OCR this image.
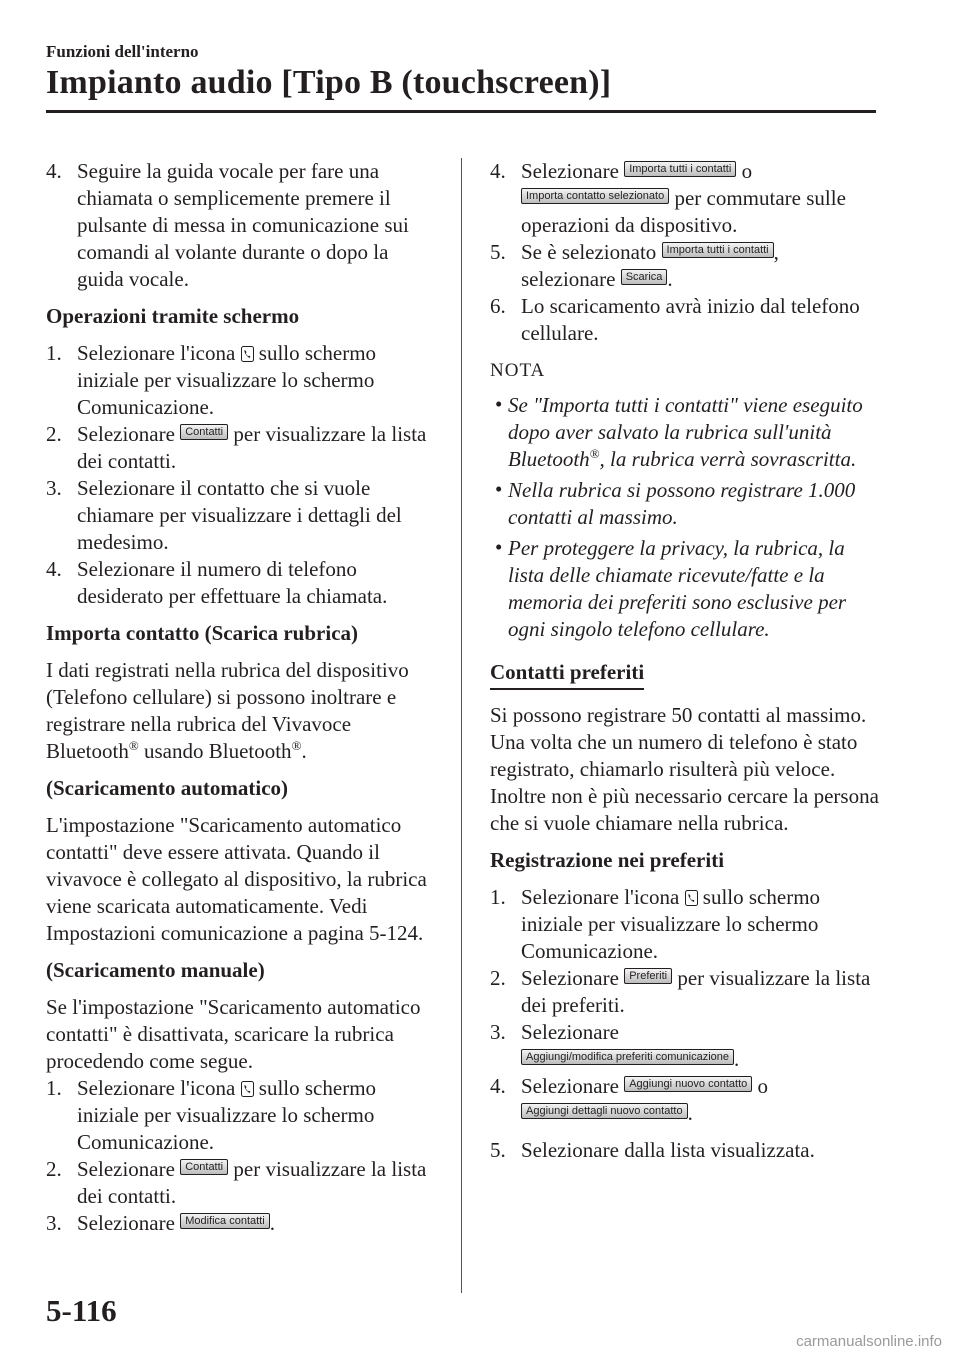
Funzioni dell'interno
Impianto audio [Tipo B (touchscreen)]
4. Seguire la guida vocale per fare una chiamata o semplicemente premere il pulsante di messa in comunicazione sui comandi al volante durante o dopo la guida vocale.
Operazioni tramite schermo
1. Selezionare l'icona sullo schermo iniziale per visualizzare lo schermo Comunicazione.
2. Selezionare Contatti per visualizzare la lista dei contatti.
3. Selezionare il contatto che si vuole chiamare per visualizzare i dettagli del medesimo.
4. Selezionare il numero di telefono desiderato per effettuare la chiamata.
Importa contatto (Scarica rubrica)

I dati registrati nella rubrica del dispositivo (Telefono cellulare) si possono inoltrare e registrare nella rubrica del Vivavoce Bluetooth® usando Bluetooth®.

(Scaricamento automatico)

L'impostazione "Scaricamento automatico contatti" deve essere attivata. Quando il vivavoce è collegato al dispositivo, la rubrica viene scaricata automaticamente. Vedi Impostazioni comunicazione a pagina 5-124.

(Scaricamento manuale)

Se l'impostazione "Scaricamento automatico contatti" è disattivata, scaricare la rubrica procedendo come segue.

1. Selezionare l'icona sullo schermo iniziale per visualizzare lo schermo Comunicazione.
2. Selezionare Contatti per visualizzare la lista dei contatti.
3. Selezionare Modifica contatti .
4. Selezionare Importa tutti i contatti o
Importa contatto selezionato per commutare sulle operazioni da dispositivo.
5. Se è selezionato Importa tutti i contatti ,
selezionare Scarica .
6. Lo scaricamento avrà inizio dal telefono cellulare.
NOTA
• Se "Importa tutti i contatti" viene eseguito dopo aver salvato la rubrica sull'unità Bluetooth®, la rubrica verrà sovrascritta.
• Nella rubrica si possono registrare 1.000 contatti al massimo.
• Per proteggere la privacy, la rubrica, la lista delle chiamate ricevute/fatte e la memoria dei preferiti sono esclusive per ogni singolo telefono cellulare.
Contatti preferiti

Si possono registrare 50 contatti al massimo. Una volta che un numero di telefono è stato registrato, chiamarlo risulterà più veloce. Inoltre non è più necessario cercare la persona che si vuole chiamare nella rubrica.

Registrazione nei preferiti
1. Selezionare l'icona sullo schermo iniziale per visualizzare lo schermo Comunicazione.
2. Selezionare Preferiti per visualizzare la lista dei preferiti.
3. Selezionare
Aggiungi/modifica preferiti comunicazione .
4. Selezionare Aggiungi nuovo contatto o
Aggiungi dettagli nuovo contatto .
5. Selezionare dalla lista visualizzata.
5-116
carmanualsonline.info
